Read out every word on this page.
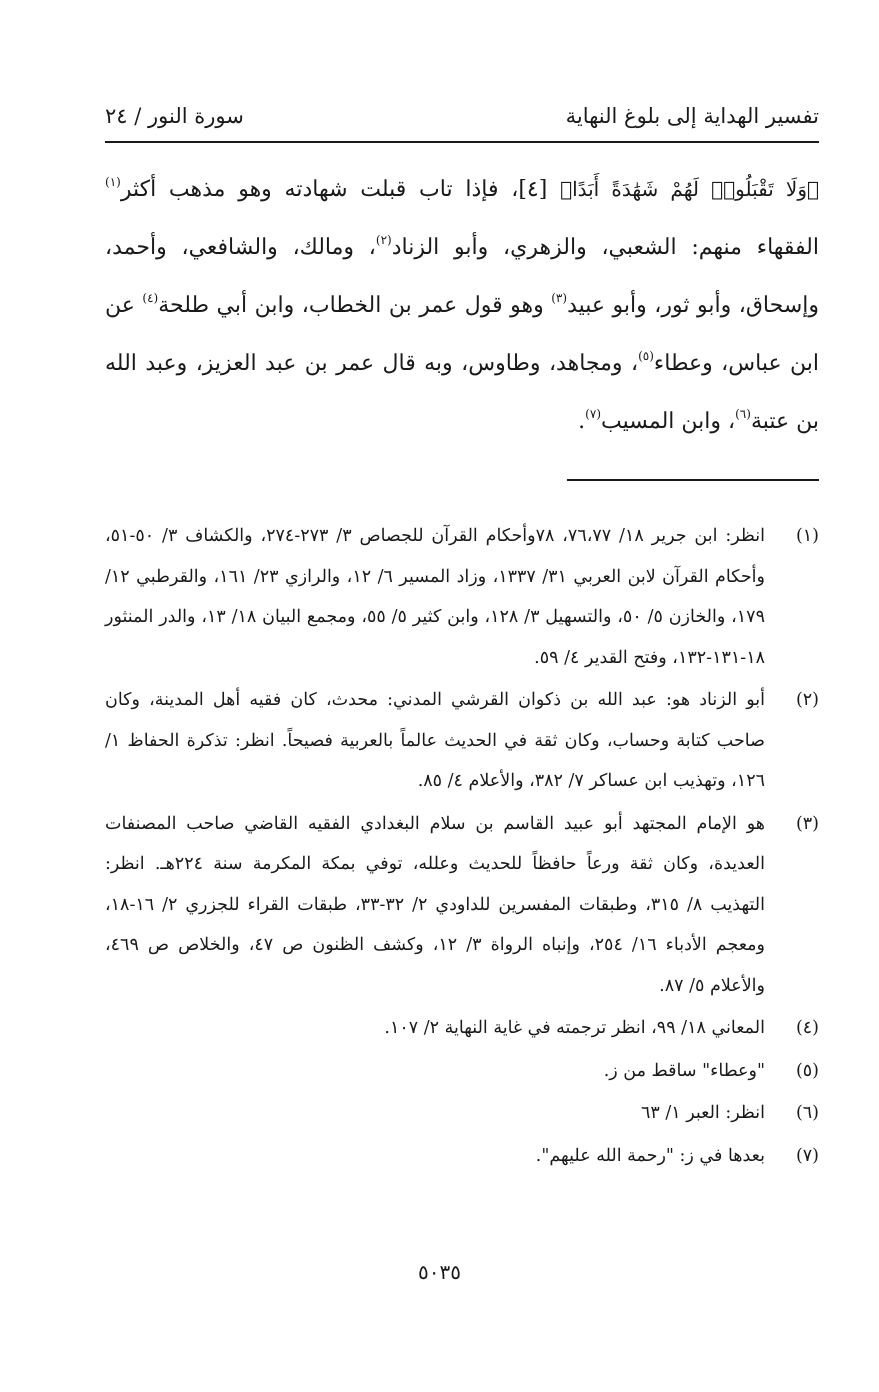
تفسير الهداية إلى بلوغ النهاية
سورة النور / ٢٤

﴿وَلَا تَقْبَلُوا۟ لَهُمْ شَهَٰدَةً أَبَدًا﴾ [٤]، فإذا تاب قبلت شهادته وهو مذهب أكثر$^{(١)}$ الفقهاء منهم: الشعبي، والزهري، وأبو الزناد$^{(٢)}$، ومالك، والشافعي، وأحمد، وإسحاق، وأبو ثور، وأبو عبيد$^{(٣)}$ وهو قول عمر بن الخطاب، وابن أبي طلحة$^{(٤)}$ عن ابن عباس، وعطاء$^{(٥)}$، ومجاهد، وطاوس، وبه قال عمر بن عبد العزيز، وعبد الله بن عتبة$^{(٦)}$، وابن المسيب$^{(٧)}$.

(١)
انظر: ابن جرير ١٨/ ٧٦،٧٧، ٧٨وأحكام القرآن للجصاص ٣/ ٢٧٣-٢٧٤، والكشاف ٣/ ٥٠-٥١، وأحكام القرآن لابن العربي ٣١/ ١٣٣٧، وزاد المسير ٦/ ١٢، والرازي ٢٣/ ١٦١، والقرطبي ١٢/ ١٧٩، والخازن ٥/ ٥٠، والتسهيل ٣/ ١٢٨، وابن كثير ٥/ ٥٥، ومجمع البيان ١٨/ ١٣، والدر المنثور ١٨-١٣١-١٣٢، وفتح القدير ٤/ ٥٩.
(٢)
أبو الزناد هو: عبد الله بن ذكوان القرشي المدني: محدث، كان فقيه أهل المدينة، وكان صاحب كتابة وحساب، وكان ثقة في الحديث عالماً بالعربية فصيحاً. انظر: تذكرة الحفاظ ١/ ١٢٦، وتهذيب ابن عساكر ٧/ ٣٨٢، والأعلام ٤/ ٨٥.
(٣)
هو الإمام المجتهد أبو عبيد القاسم بن سلام البغدادي الفقيه القاضي صاحب المصنفات العديدة، وكان ثقة ورعاً حافظاً للحديث وعلله، توفي بمكة المكرمة سنة ٢٢٤هـ. انظر: التهذيب ٨/ ٣١٥، وطبقات المفسرين للداودي ٢/ ٣٢-٣٣، طبقات القراء للجزري ٢/ ١٦-١٨، ومعجم الأدباء ١٦/ ٢٥٤، وإنباه الرواة ٣/ ١٢، وكشف الظنون ص ٤٧، والخلاص ص ٤٦٩، والأعلام ٥/ ٨٧.
(٤)
المعاني ١٨/ ٩٩، انظر ترجمته في غاية النهاية ٢/ ١٠٧.
(٥)
"وعطاء" ساقط من ز.
(٦)
انظر: العبر ١/ ٦٣
(٧)
بعدها في ز: "رحمة الله عليهم".
٥٠٣٥
